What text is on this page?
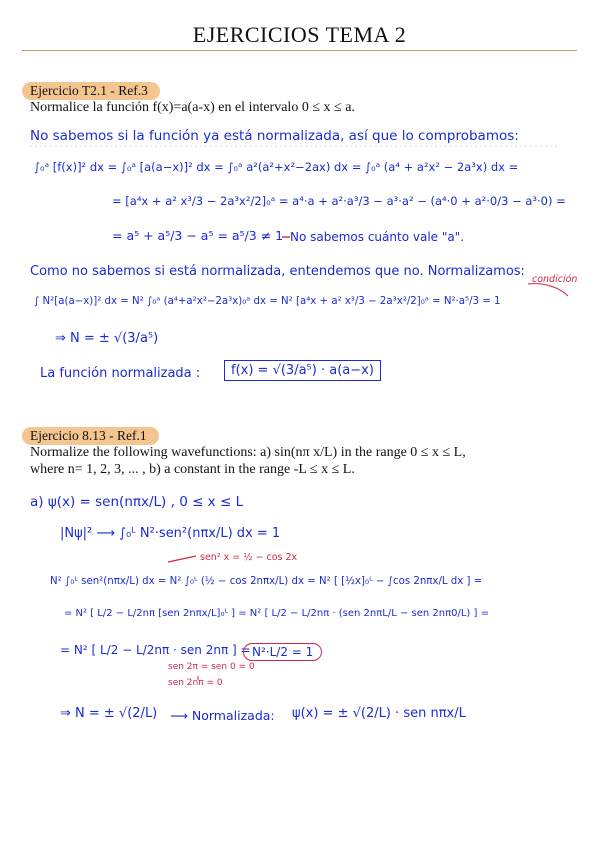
EJERCICIOS TEMA 2
Ejercicio T2.1 - Ref.3
Normalice la función f(x)=a(a-x) en el intervalo 0 ≤ x ≤ a.
No sabemos si la función ya está normalizada, así que lo comprobamos:
∫₀ᵃ [f(x)]² dx = ∫₀ᵃ [a(a−x)]² dx = ∫₀ᵃ a²(a²+x²−2ax) dx = ∫₀ᵃ (a⁴ + a²x² − 2a³x) dx =
= [a⁴x + a² x³/3 − 2a³x²/2]₀ᵃ = a⁴·a + a²·a³/3 − a³·a² − (a⁴·0 + a²·0/3 − a³·0) =
= a⁵ + a⁵/3 − a⁵ = a⁵/3 ≠ 1 No sabemos cuánto vale "a".
Como no sabemos si está normalizada, entendemos que no. Normalizamos:
∫ N²[a(a−x)]² dx = N² ∫₀ᵃ (a⁴+a²x²−2a³x)₀ᵃ dx = N² [a⁴x + a² x³/3 − 2a³x²/2]₀ᵃ = N²·a⁵/3 = 1
condición
⇒ N = ± √(3/a⁵)
La función normalizada :	f(x) = √(3/a⁵) · a(a−x)
Ejercicio 8.13 - Ref.1
Normalize the following wavefunctions: a) sin(nπ x/L) in the range 0 ≤ x ≤ L,
where n= 1, 2, 3, ... , b) a constant in the range -L ≤ x ≤ L.
a) ψ(x) = sen(nπx/L) , 0 ≤ x ≤ L
|Nψ|² ⟶ ∫₀ᴸ N²·sen²(nπx/L) dx = 1
sen² x = ½ − cos 2x
N² ∫₀ᴸ sen²(nπx/L) dx = N² ∫₀ᴸ (½ − cos 2nπx/L) dx = N² [ [½x]₀ᴸ − ∫cos 2nπx/L dx ] =
= N² [ L/2 − L/2nπ [sen 2nπx/L]₀ᴸ ] = N² [ L/2 − L/2nπ · (sen 2nπL/L − sen 2nπ0/L) ] =
= N² [ L/2 − L/2nπ · sen 2nπ ] = N²·L/2 = 1
sen 2π = sen 0 = 0
sen 2nπ = 0
⇒ N = ± √(2/L) ⟶ Normalizada: ψ(x) = ± √(2/L) · sen nπx/L
